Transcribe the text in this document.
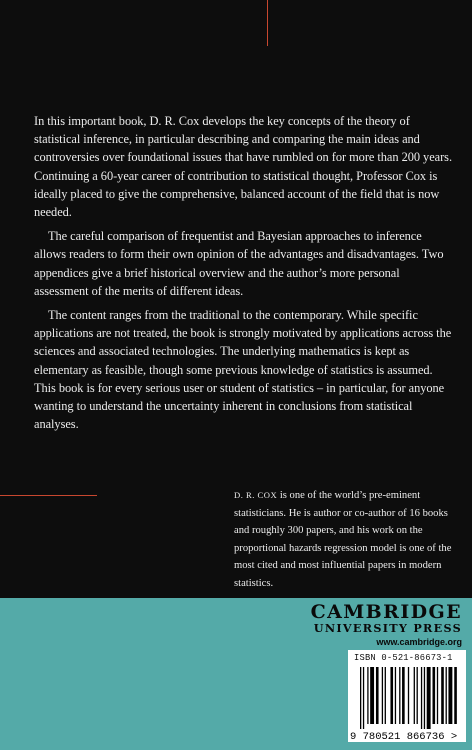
In this important book, D. R. Cox develops the key concepts of the theory of statistical inference, in particular describing and comparing the main ideas and controversies over foundational issues that have rumbled on for more than 200 years. Continuing a 60-year career of contribution to statistical thought, Professor Cox is ideally placed to give the comprehensive, balanced account of the field that is now needed.

The careful comparison of frequentist and Bayesian approaches to inference allows readers to form their own opinion of the advantages and disadvantages. Two appendices give a brief historical overview and the author’s more personal assessment of the merits of different ideas.

The content ranges from the traditional to the contemporary. While specific applications are not treated, the book is strongly motivated by applications across the sciences and associated technologies. The underlying mathematics is kept as elementary as feasible, though some previous knowledge of statistics is assumed. This book is for every serious user or student of statistics – in particular, for anyone wanting to understand the uncertainty inherent in conclusions from statistical analyses.

D. R. COX is one of the world’s pre-eminent statisticians. He is author or co-author of 16 books and roughly 300 papers, and his work on the proportional hazards regression model is one of the most cited and most influential papers in modern statistics.
CAMBRIDGE
UNIVERSITY PRESS
www.cambridge.org
9 780521 866736 >
ISBN 0-521-86673-1
